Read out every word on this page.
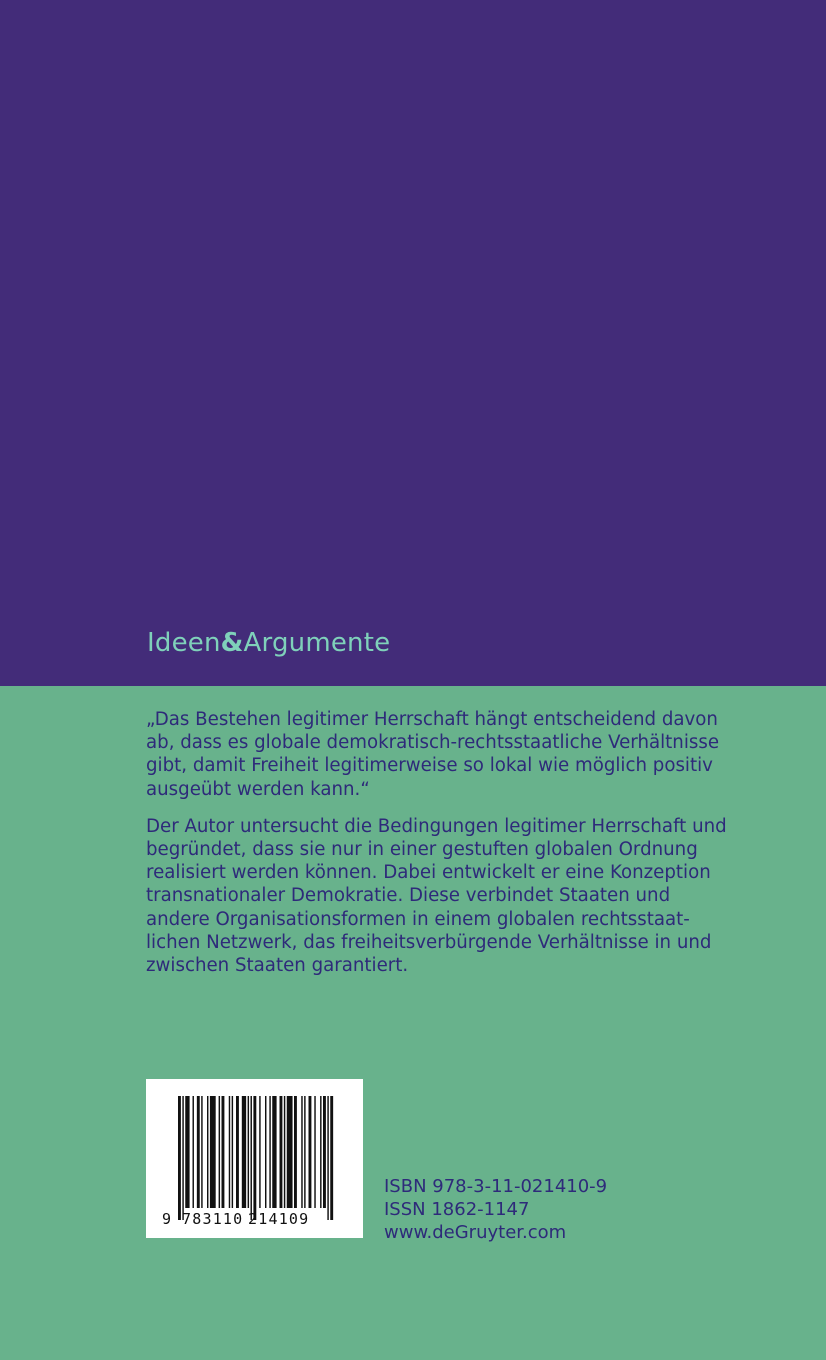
Ideen&Argumente

„Das Bestehen legitimer Herrschaft hängt entscheidend davon
ab, dass es globale demokratisch-rechtsstaatliche Verhältnisse
gibt, damit Freiheit legitimerweise so lokal wie möglich positiv
ausgeübt werden kann.“

Der Autor untersucht die Bedingungen legitimer Herrschaft und
begründet, dass sie nur in einer gestuften globalen Ordnung
realisiert werden können. Dabei entwickelt er eine Konzeption
transnationaler Demokratie. Diese verbindet Staaten und
andere Organisationsformen in einem globalen rechtsstaat-
lichen Netzwerk, das freiheitsverbürgende Verhältnisse in und
zwischen Staaten garantiert.

9 783110 214109
ISBN 978-3-11-021410-9
ISSN 1862-1147
www.deGruyter.com
